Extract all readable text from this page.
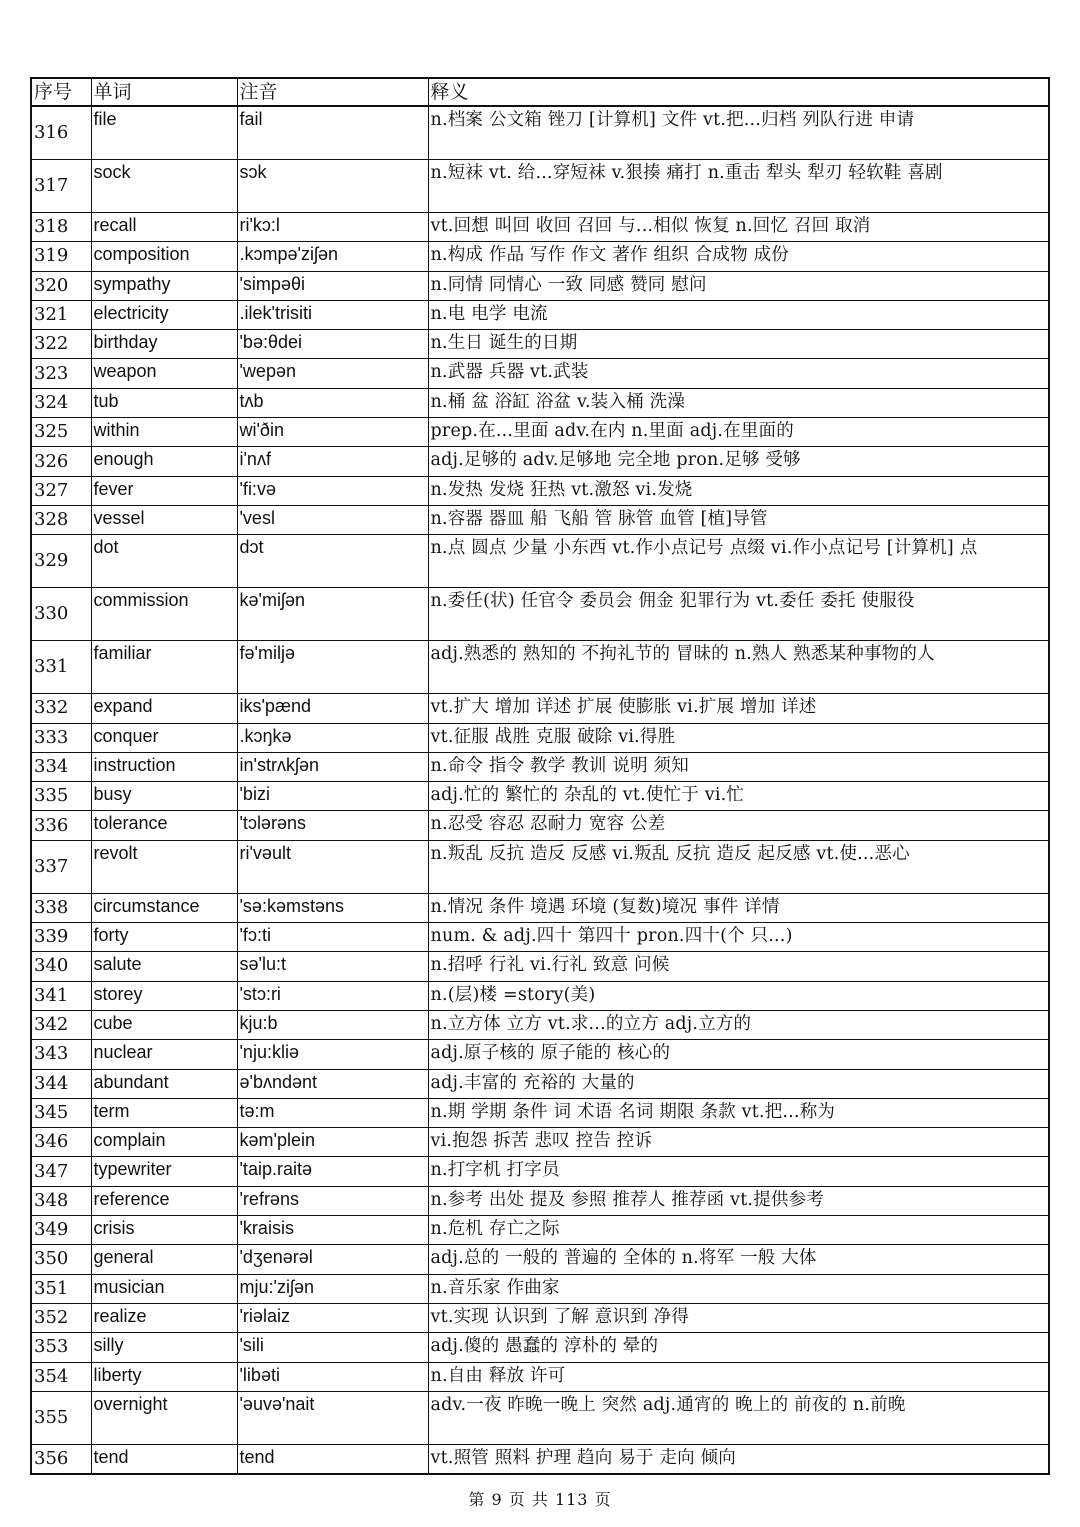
序号	单词	注音	释义
316	file	fail	n.档案 公文箱 锉刀 [计算机] 文件 vt.把...归档 列队行进 申请
317	sock	sɔk	n.短袜 vt. 给...穿短袜 v.狠揍 痛打 n.重击 犁头 犁刃 轻软鞋 喜剧
318	recall	ri'kɔ:l	vt.回想 叫回 收回 召回 与...相似 恢复 n.回忆 召回 取消
319	composition	.kɔmpə'ziʃən	n.构成 作品 写作 作文 著作 组织 合成物 成份
320	sympathy	'simpəθi	n.同情 同情心 一致 同感 赞同 慰问
321	electricity	.ilek'trisiti	n.电 电学 电流
322	birthday	'bə:θdei	n.生日 诞生的日期
323	weapon	'wepən	n.武器 兵器 vt.武装
324	tub	tʌb	n.桶 盆 浴缸 浴盆 v.装入桶 洗澡
325	within	wi'ðin	prep.在...里面 adv.在内 n.里面 adj.在里面的
326	enough	i'nʌf	adj.足够的 adv.足够地 完全地 pron.足够 受够
327	fever	'fi:və	n.发热 发烧 狂热 vt.激怒 vi.发烧
328	vessel	'vesl	n.容器 器皿 船 飞船 管 脉管 血管 [植]导管
329	dot	dɔt	n.点 圆点 少量 小东西 vt.作小点记号 点缀 vi.作小点记号 [计算机] 点
330	commission	kə'miʃən	n.委任(状) 任官令 委员会 佣金 犯罪行为 vt.委任 委托 使服役
331	familiar	fə'miljə	adj.熟悉的 熟知的 不拘礼节的 冒昧的 n.熟人 熟悉某种事物的人
332	expand	iks'pænd	vt.扩大 增加 详述 扩展 使膨胀 vi.扩展 增加 详述
333	conquer	.kɔŋkə	vt.征服 战胜 克服 破除 vi.得胜
334	instruction	in'strʌkʃən	n.命令 指令 教学 教训 说明 须知
335	busy	'bizi	adj.忙的 繁忙的 杂乱的 vt.使忙于 vi.忙
336	tolerance	'tɔlərəns	n.忍受 容忍 忍耐力 宽容 公差
337	revolt	ri'vəult	n.叛乱 反抗 造反 反感 vi.叛乱 反抗 造反 起反感 vt.使...恶心
338	circumstance	'sə:kəmstəns	n.情况 条件 境遇 环境 (复数)境况 事件 详情
339	forty	'fɔ:ti	num. & adj.四十 第四十 pron.四十(个 只...)
340	salute	sə'lu:t	n.招呼 行礼 vi.行礼 致意 问候
341	storey	'stɔ:ri	n.(层)楼 =story(美)
342	cube	kju:b	n.立方体 立方 vt.求...的立方 adj.立方的
343	nuclear	'nju:kliə	adj.原子核的 原子能的 核心的
344	abundant	ə'bʌndənt	adj.丰富的 充裕的 大量的
345	term	tə:m	n.期 学期 条件 词 术语 名词 期限 条款 vt.把...称为
346	complain	kəm'plein	vi.抱怨 拆苦 悲叹 控告 控诉
347	typewriter	'taip.raitə	n.打字机 打字员
348	reference	'refrəns	n.参考 出处 提及 参照 推荐人 推荐函 vt.提供参考
349	crisis	'kraisis	n.危机 存亡之际
350	general	'dʒenərəl	adj.总的 一般的 普遍的 全体的 n.将军 一般 大体
351	musician	mju:'ziʃən	n.音乐家 作曲家
352	realize	'riəlaiz	vt.实现 认识到 了解 意识到 净得
353	silly	'sili	adj.傻的 愚蠢的 淳朴的 晕的
354	liberty	'libəti	n.自由 释放 许可
355	overnight	'əuvə'nait	adv.一夜 昨晚一晚上 突然 adj.通宵的 晚上的 前夜的 n.前晚
356	tend	tend	vt.照管 照料 护理 趋向 易于 走向 倾向
第 9 页 共 113 页
